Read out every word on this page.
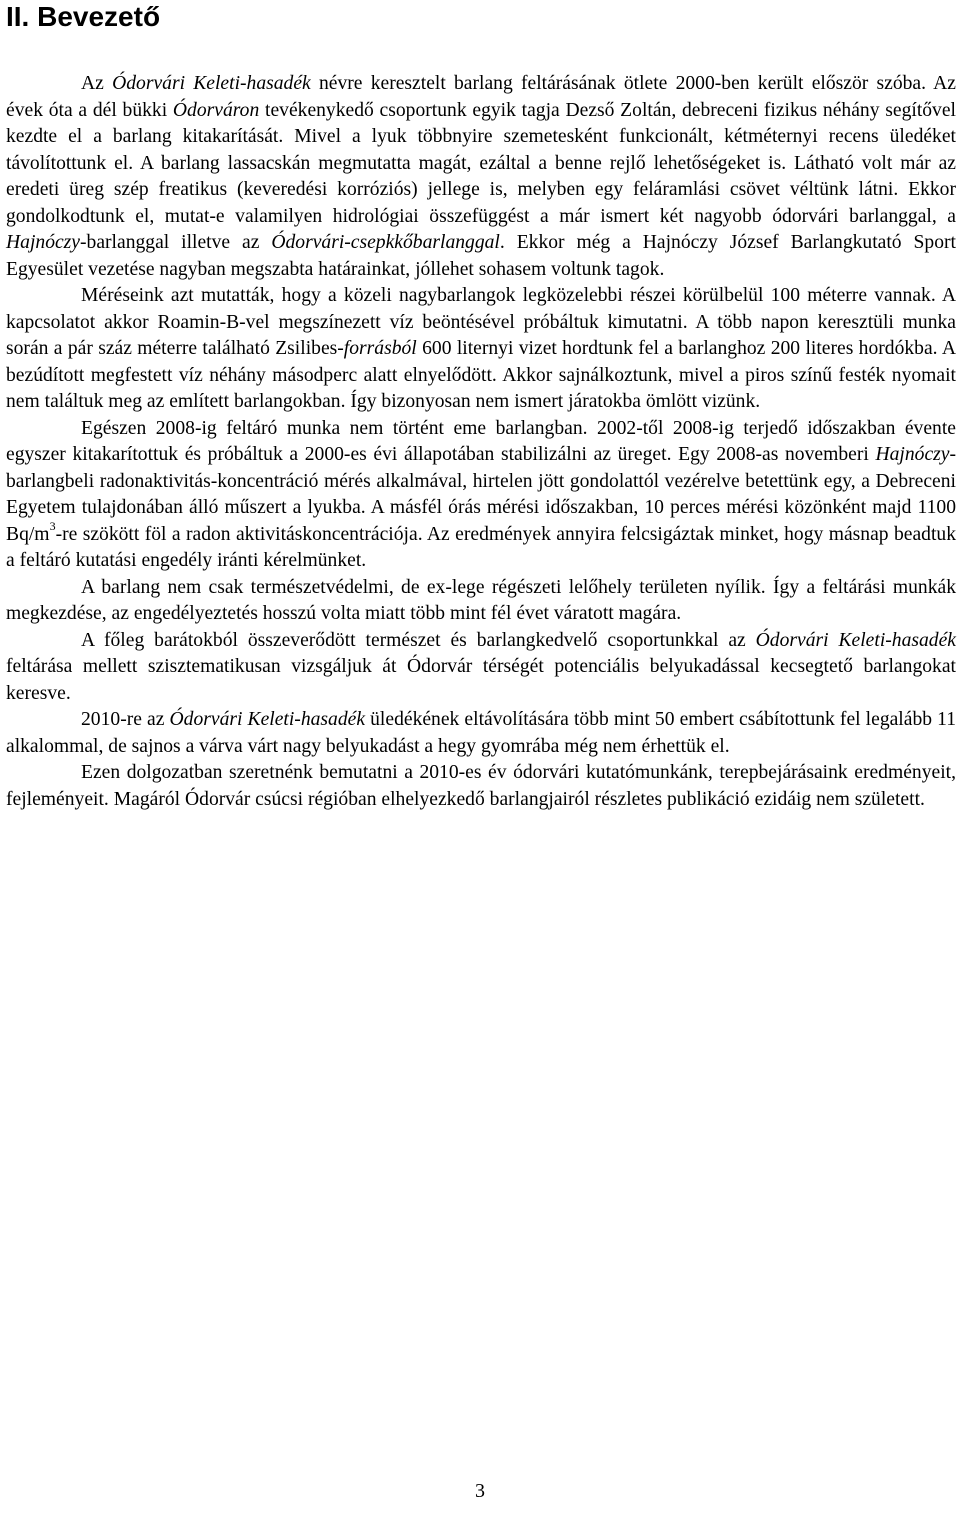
II. Bevezető

Az Ódorvári Keleti-hasadék névre keresztelt barlang feltárásának ötlete 2000-ben került először szóba. Az évek óta a dél bükki Ódorváron tevékenykedő csoportunk egyik tagja Dezső Zoltán, debreceni fizikus néhány segítővel kezdte el a barlang kitakarítását. Mivel a lyuk többnyire szemetesként funkcionált, kétméternyi recens üledéket távolítottunk el. A barlang lassacskán megmutatta magát, ezáltal a benne rejlő lehetőségeket is. Látható volt már az eredeti üreg szép freatikus (keveredési korróziós) jellege is, melyben egy feláramlási csövet véltünk látni. Ekkor gondolkodtunk el, mutat-e valamilyen hidrológiai összefüggést a már ismert két nagyobb ódorvári barlanggal, a Hajnóczy-barlanggal illetve az Ódorvári-csepkkőbarlanggal. Ekkor még a Hajnóczy József Barlangkutató Sport Egyesület vezetése nagyban megszabta határainkat, jóllehet sohasem voltunk tagok.

Méréseink azt mutatták, hogy a közeli nagybarlangok legközelebbi részei körülbelül 100 méterre vannak. A kapcsolatot akkor Roamin-B-vel megszínezett víz beöntésével próbáltuk kimutatni. A több napon keresztüli munka során a pár száz méterre található Zsilibes-forrásból 600 liternyi vizet hordtunk fel a barlanghoz 200 literes hordókba. A bezúdított megfestett víz néhány másodperc alatt elnyelődött. Akkor sajnálkoztunk, mivel a piros színű festék nyomait nem találtuk meg az említett barlangokban. Így bizonyosan nem ismert járatokba ömlött vizünk.

Egészen 2008-ig feltáró munka nem történt eme barlangban. 2002-től 2008-ig terjedő időszakban évente egyszer kitakarítottuk és próbáltuk a 2000-es évi állapotában stabilizálni az üreget. Egy 2008-as novemberi Hajnóczy-barlangbeli radonaktivitás-koncentráció mérés alkalmával, hirtelen jött gondolattól vezérelve betettünk egy, a Debreceni Egyetem tulajdonában álló műszert a lyukba. A másfél órás mérési időszakban, 10 perces mérési közönként majd 1100 $Bq/m^3-re$ szökött föl a radon aktivitáskoncentrációja. Az eredmények annyira felcsigáztak minket, hogy másnap beadtuk a feltáró kutatási engedély iránti kérelmünket.

A barlang nem csak természetvédelmi, de ex-lege régészeti lelőhely területen nyílik. Így a feltárási munkák megkezdése, az engedélyeztetés hosszú volta miatt több mint fél évet váratott magára.

A főleg barátokból összeverődött természet és barlangkedvelő csoportunkkal az Ódorvári Keleti-hasadék feltárása mellett szisztematikusan vizsgáljuk át Ódorvár térségét potenciális belyukadással kecsegtető barlangokat keresve.

2010-re az Ódorvári Keleti-hasadék üledékének eltávolítására több mint 50 embert csábítottunk fel legalább 11 alkalommal, de sajnos a várva várt nagy belyukadást a hegy gyomrába még nem érhettük el.

Ezen dolgozatban szeretnénk bemutatni a 2010-es év ódorvári kutatómunkánk, terepbejárásaink eredményeit, fejleményeit. Magáról Ódorvár csúcsi régióban elhelyezkedő barlangjairól részletes publikáció ezidáig nem született.

3
